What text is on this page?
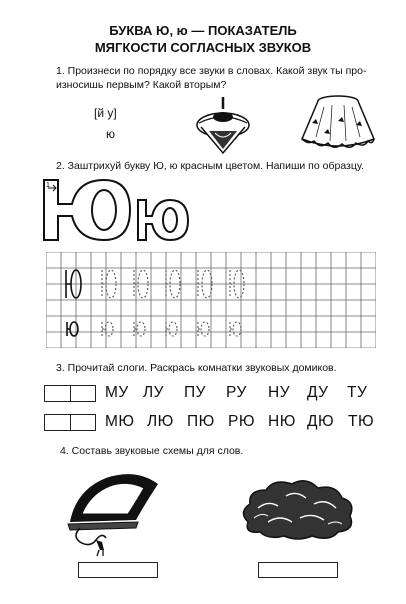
БУКВА Ю, ю — ПОКАЗАТЕЛЬ
МЯГКОСТИ СОГЛАСНЫХ ЗВУКОВ
1. Произнеси по порядку все звуки в словах. Какой звук ты про-
износишь первым? Какой вторым?
[й у]
ю
2. Заштрихуй букву Ю, ю красным цветом. Напиши по образцу.
1
3. Прочитай слоги. Раскрась комнатки звуковых домиков.
МУ ЛУ ПУ РУ НУ ДУ ТУ
МЮ ЛЮ ПЮ РЮ НЮ ДЮ ТЮ
4. Составь звуковые схемы для слов.
